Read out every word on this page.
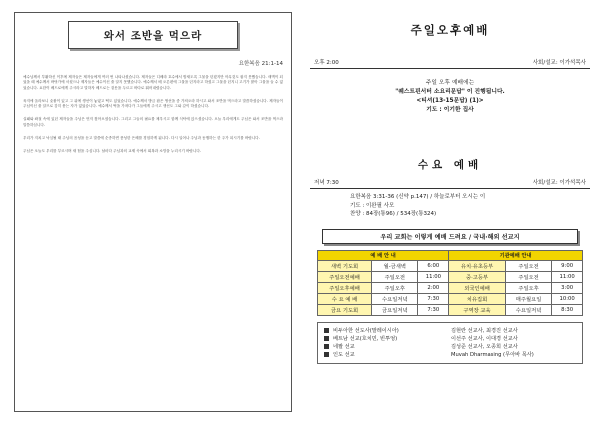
와서 조반을 먹으라
요한복음 21:1-14

예수님께서 부활하신 이후에 제자들은 제자들에게 여러 번 나타나셨습니다. 제자들은 디베랴 호수에서 밤새도록 그물을 던졌지만 아무것도 잡지 못했습니다. 새벽이 되었을 때 예수께서 바닷가에 서셨으나 제자들은 예수이신 줄 알지 못했습니다. 예수께서 배 오른편에 그물을 던지라고 하셨고 그물을 던지니 고기가 많아 그물을 들 수 없었습니다. 요한이 베드로에게 주시라고 말하자 베드로는 겉옷을 두르고 바다로 뛰어내렸습니다.

육지에 올라보니 숯불이 있고 그 위에 생선이 놓였고 떡도 있었습니다. 예수께서 방금 잡은 생선을 좀 가져오라 하시고 와서 조반을 먹으라고 말씀하셨습니다. 제자들이 주님이신 줄 알므로 감히 묻는 자가 없었습니다. 예수께서 떡을 가져다가 그들에게 주시고 생선도 그와 같이 하셨습니다.

실패와 좌절 속에 있던 제자들을 주님은 먼저 찾아오셨습니다. 그리고 그들의 필요를 채우시고 함께 식탁에 앉으셨습니다. 오늘 우리에게도 주님은 와서 조반을 먹으라 말씀하십니다.

우리가 지치고 낙심될 때 주님의 음성을 듣고 말씀에 순종하면 풍성한 은혜를 경험하게 됩니다. 다시 일어나 주님과 동행하는 한 주가 되시기를 바랍니다.

주님은 오늘도 우리를 부르시며 새 힘을 주십니다. 날마다 주님과의 교제 속에서 회복과 소망을 누리시기 바랍니다.

주일오후예배
오후 2:00	사회/설교: 이가석목사
주일 오후 예배에는
"퀘스트핀서터 소요리문답" 이 진행됩니다.
<티셔(13-15문답) (1)>
기도 : 이기한 집사
수요 예배
저녁 7:30	사회/설교: 이가석목사
요한복음 3:31-36 (신약 p.147) / 하늘로부터 오시는 이
기도 : 이완필 사모
찬양 : 84장(통96) / 534장(통324)
우리 교회는 이렇게 예배 드려요 / 국내·해외 선교지
예 배 안 내			기관예배 안내		
새벽 기도회	월-금새벽	6:00	유치·유초등부	주일오전	9:00
주일오전예배	주일오전	11:00	중·고등부	주일오전	11:00
주일오후예배	주일오후	2:00	외국인예배	주일오후	3:00
수 요 예 배	수요일저녁	7:30	치유집회	매주월요일	10:00
금요 기도회	금요일저녁	7:30	구역장 교육	수요일저녁	8:30
비두아한 선도사(말레이시아)	김현란 선교사, 최경진 선교사
베트남 선교(호치민, 빈투엉)	이선주 선교사, 이대경 선교사
네팔 선교	김성준 선교사, 오종희 선교사
인도 선교	Muvah Dharmasing (무아바 목사)
